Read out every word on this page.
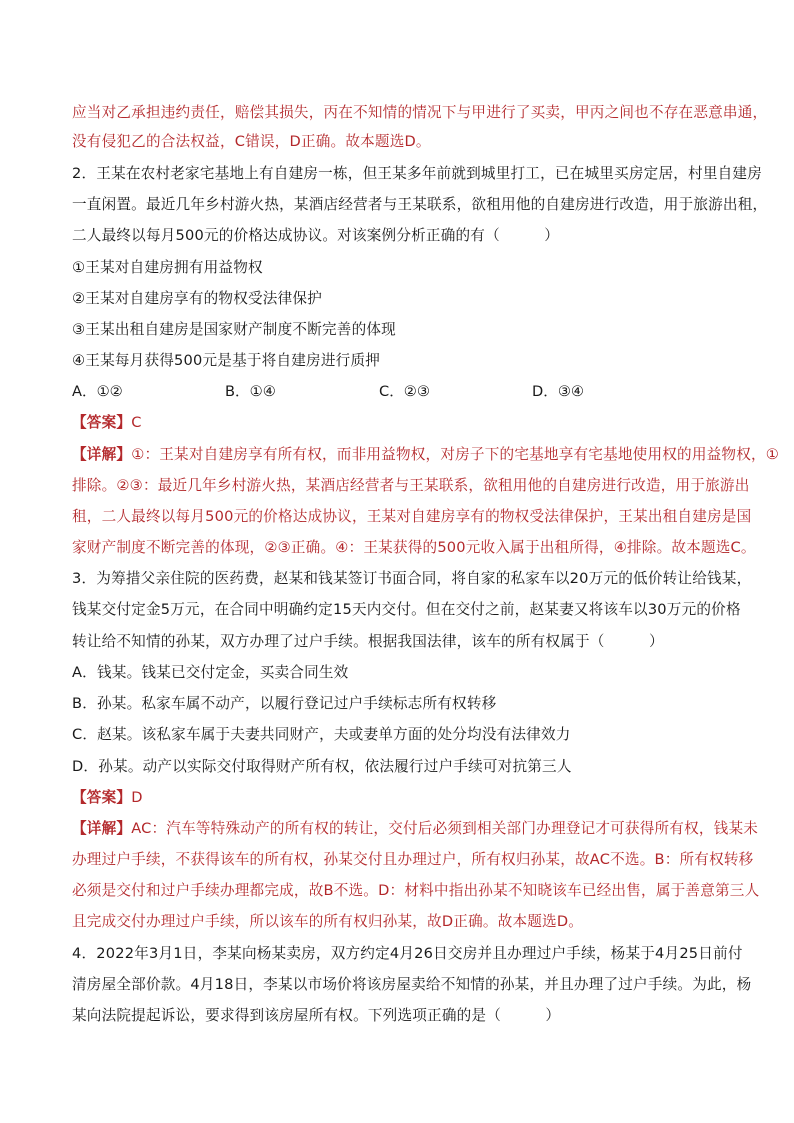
应当对乙承担违约责任，赔偿其损失，丙在不知情的情况下与甲进行了买卖，甲丙之间也不存在恶意串通，
没有侵犯乙的合法权益，C错误，D正确。故本题选D。
2．王某在农村老家宅基地上有自建房一栋，但王某多年前就到城里打工，已在城里买房定居，村里自建房
一直闲置。最近几年乡村游火热，某酒店经营者与王某联系，欲租用他的自建房进行改造，用于旅游出租，
二人最终以每月500元的价格达成协议。对该案例分析正确的有（　　　）
①王某对自建房拥有用益物权
②王某对自建房享有的物权受法律保护
③王某出租自建房是国家财产制度不断完善的体现
④王某每月获得500元是基于将自建房进行质押
A．①②	B．①④	C．②③	D．③④
【答案】C
【详解】①：王某对自建房享有所有权，而非用益物权，对房子下的宅基地享有宅基地使用权的用益物权，①
排除。②③：最近几年乡村游火热，某酒店经营者与王某联系，欲租用他的自建房进行改造，用于旅游出
租，二人最终以每月500元的价格达成协议，王某对自建房享有的物权受法律保护，王某出租自建房是国
家财产制度不断完善的体现，②③正确。④：王某获得的500元收入属于出租所得，④排除。故本题选C。
3．为筹措父亲住院的医药费，赵某和钱某签订书面合同，将自家的私家车以20万元的低价转让给钱某，
钱某交付定金5万元，在合同中明确约定15天内交付。但在交付之前，赵某妻又将该车以30万元的价格
转让给不知情的孙某，双方办理了过户手续。根据我国法律，该车的所有权属于（　　　）
A．钱某。钱某已交付定金，买卖合同生效
B．孙某。私家车属不动产，以履行登记过户手续标志所有权转移
C．赵某。该私家车属于夫妻共同财产，夫或妻单方面的处分均没有法律效力
D．孙某。动产以实际交付取得财产所有权，依法履行过户手续可对抗第三人
【答案】D
【详解】AC：汽车等特殊动产的所有权的转让，交付后必须到相关部门办理登记才可获得所有权，钱某未
办理过户手续，不获得该车的所有权，孙某交付且办理过户，所有权归孙某，故AC不选。B：所有权转移
必须是交付和过户手续办理都完成，故B不选。D：材料中指出孙某不知晓该车已经出售，属于善意第三人
且完成交付办理过户手续，所以该车的所有权归孙某，故D正确。故本题选D。
4．2022年3月1日，李某向杨某卖房，双方约定4月26日交房并且办理过户手续，杨某于4月25日前付
清房屋全部价款。4月18日，李某以市场价将该房屋卖给不知情的孙某，并且办理了过户手续。为此，杨
某向法院提起诉讼，要求得到该房屋所有权。下列选项正确的是（　　　）
